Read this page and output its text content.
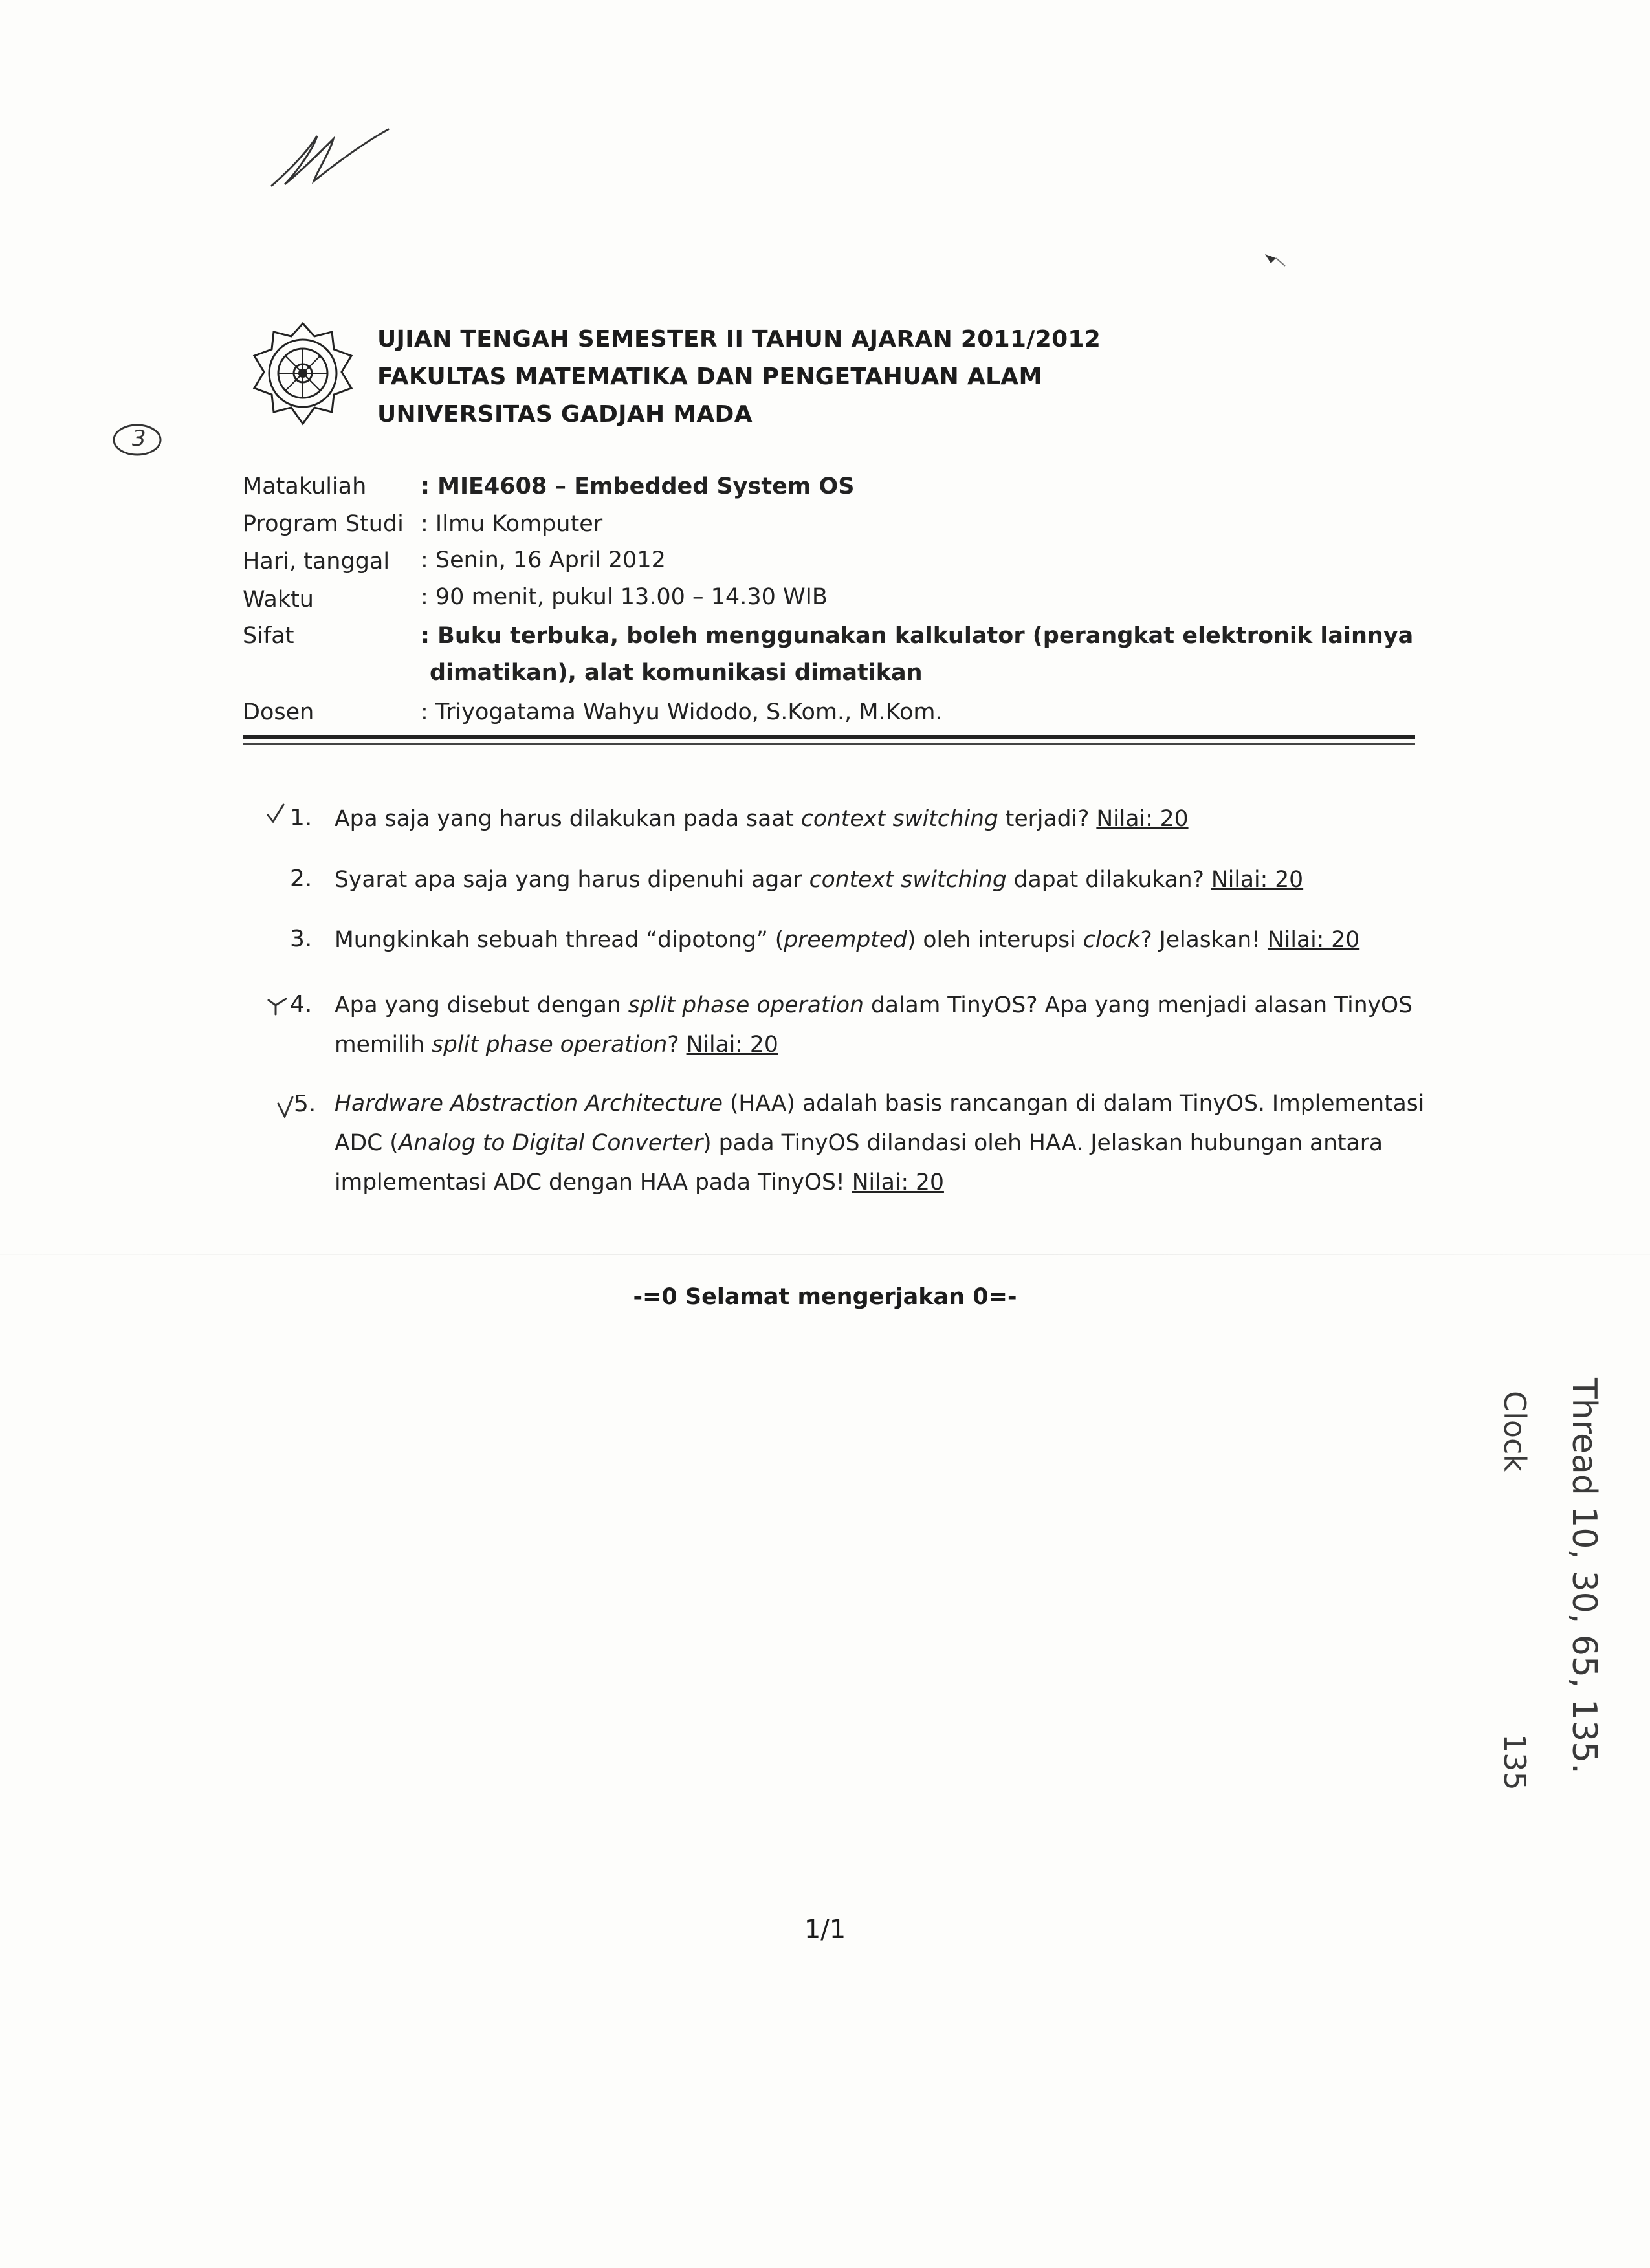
3
UJIAN TENGAH SEMESTER II TAHUN AJARAN 2011/2012
FAKULTAS MATEMATIKA DAN PENGETAHUAN ALAM
UNIVERSITAS GADJAH MADA
Matakuliah : MIE4608 – Embedded System OS
Program Studi : Ilmu Komputer
Hari, tanggal : Senin, 16 April 2012
Waktu	: 90 menit, pukul 13.00 – 14.30 WIB
Sifat	: Buku terbuka, boleh menggunakan kalkulator (perangkat elektronik lainnya
dimatikan), alat komunikasi dimatikan
Dosen	: Triyogatama Wahyu Widodo, S.Kom., M.Kom.
1. Apa saja yang harus dilakukan pada saat context switching terjadi? Nilai: 20
2. Syarat apa saja yang harus dipenuhi agar context switching dapat dilakukan? Nilai: 20
3. Mungkinkah sebuah thread “dipotong” (preempted) oleh interupsi clock? Jelaskan! Nilai: 20
4. Apa yang disebut dengan split phase operation dalam TinyOS? Apa yang menjadi alasan TinyOS memilih split phase operation? Nilai: 20
5. Hardware Abstraction Architecture (HAA) adalah basis rancangan di dalam TinyOS. Implementasi ADC (Analog to Digital Converter) pada TinyOS dilandasi oleh HAA. Jelaskan hubungan antara implementasi ADC dengan HAA pada TinyOS! Nilai: 20
-=0 Selamat mengerjakan 0=-
Thread 10, 30, 65, 135.
Clock
135
1/1
